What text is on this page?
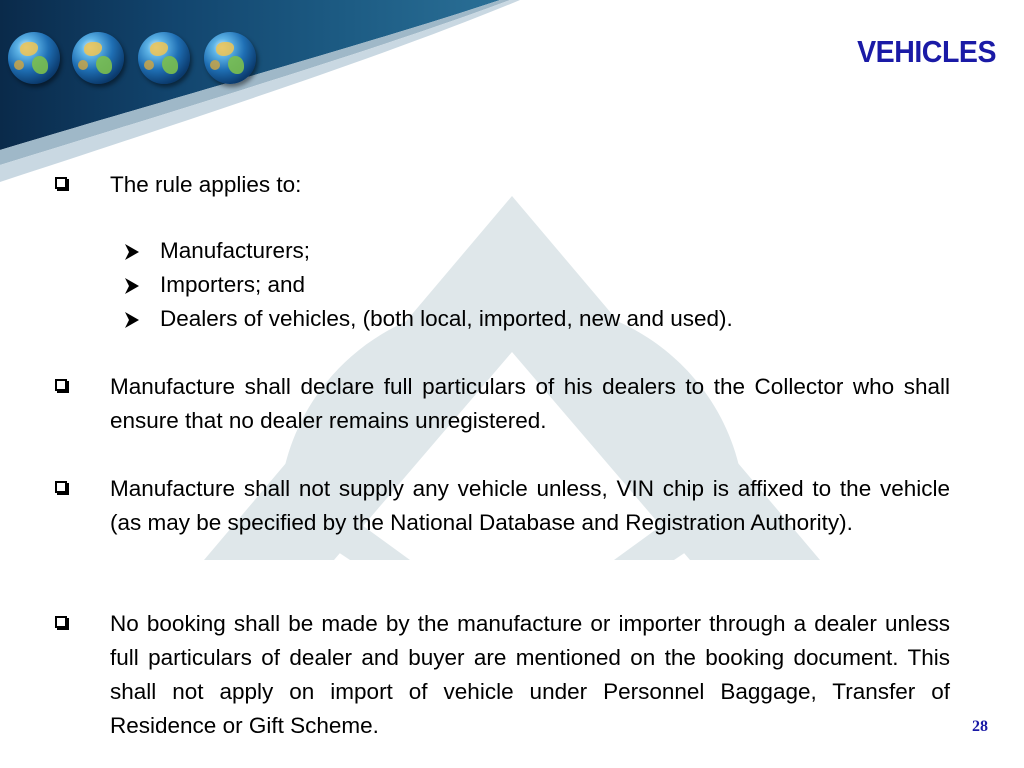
VEHICLES
The rule applies to:
Manufacturers;
Importers; and
Dealers of vehicles, (both local, imported, new and used).
Manufacture shall declare full particulars of his dealers to the Collector who shall ensure that no dealer remains unregistered.
Manufacture shall not supply any vehicle unless, VIN chip is affixed to the vehicle (as may be specified by the National Database and Registration Authority).
No booking shall be made by the manufacture or importer through a dealer unless full particulars of dealer and buyer are mentioned on the booking document. This shall not apply on import of vehicle under Personnel Baggage, Transfer of Residence or Gift Scheme.	28
